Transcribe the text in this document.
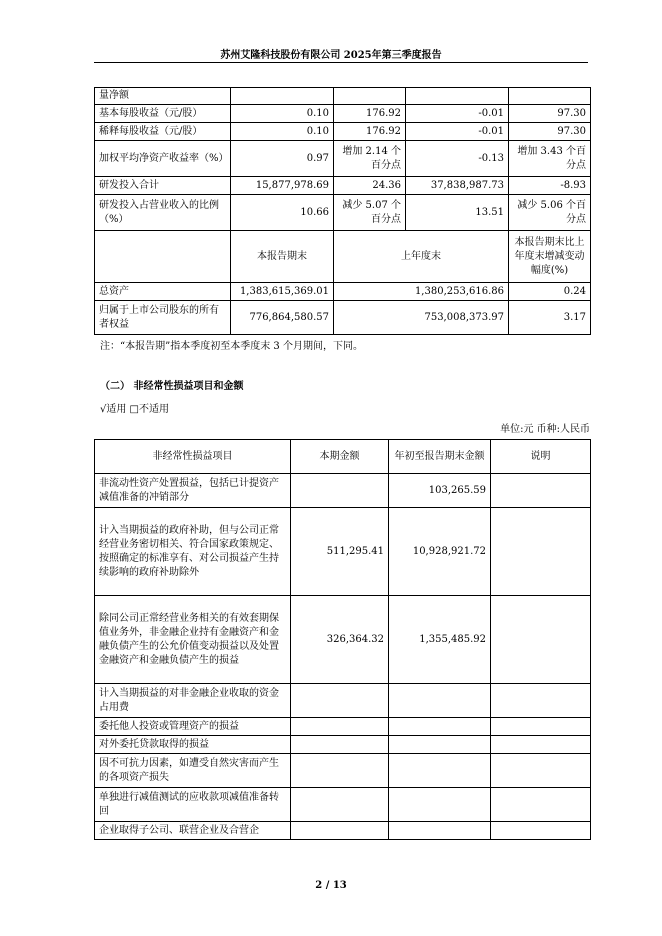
苏州艾隆科技股份有限公司 2025年第三季度报告
量净额				
基本每股收益（元/股）	0.10	176.92	-0.01	97.30
稀释每股收益（元/股）	0.10	176.92	-0.01	97.30
加权平均净资产收益率（%）	0.97	增加 2.14 个百分点	-0.13	增加 3.43 个百分点
研发投入合计	15,877,978.69	24.36	37,838,987.73	-8.93
研发投入占营业收入的比例（%）	10.66	减少 5.07 个百分点	13.51	减少 5.06 个百分点
	本报告期末	上年度末		本报告期末比上年度末增减变动幅度(%)
总资产	1,383,615,369.01	1,380,253,616.86		0.24
归属于上市公司股东的所有者权益	776,864,580.57	753,008,373.97		3.17
注：“本报告期”指本季度初至本季度末 3 个月期间，下同。
（二） 非经常性损益项目和金额
√适用 □不适用
单位:元 币种:人民币
非经常性损益项目	本期金额	年初至报告期末金额	说明
非流动性资产处置损益，包括已计提资产减值准备的冲销部分		103,265.59	
计入当期损益的政府补助，但与公司正常经营业务密切相关、符合国家政策规定、按照确定的标准享有、对公司损益产生持续影响的政府补助除外	511,295.41	10,928,921.72	
除同公司正常经营业务相关的有效套期保值业务外，非金融企业持有金融资产和金融负债产生的公允价值变动损益以及处置金融资产和金融负债产生的损益	326,364.32	1,355,485.92	
计入当期损益的对非金融企业收取的资金占用费			
委托他人投资或管理资产的损益			
对外委托贷款取得的损益			
因不可抗力因素，如遭受自然灾害而产生的各项资产损失			
单独进行减值测试的应收款项减值准备转回			
企业取得子公司、联营企业及合营企			
2 / 13
